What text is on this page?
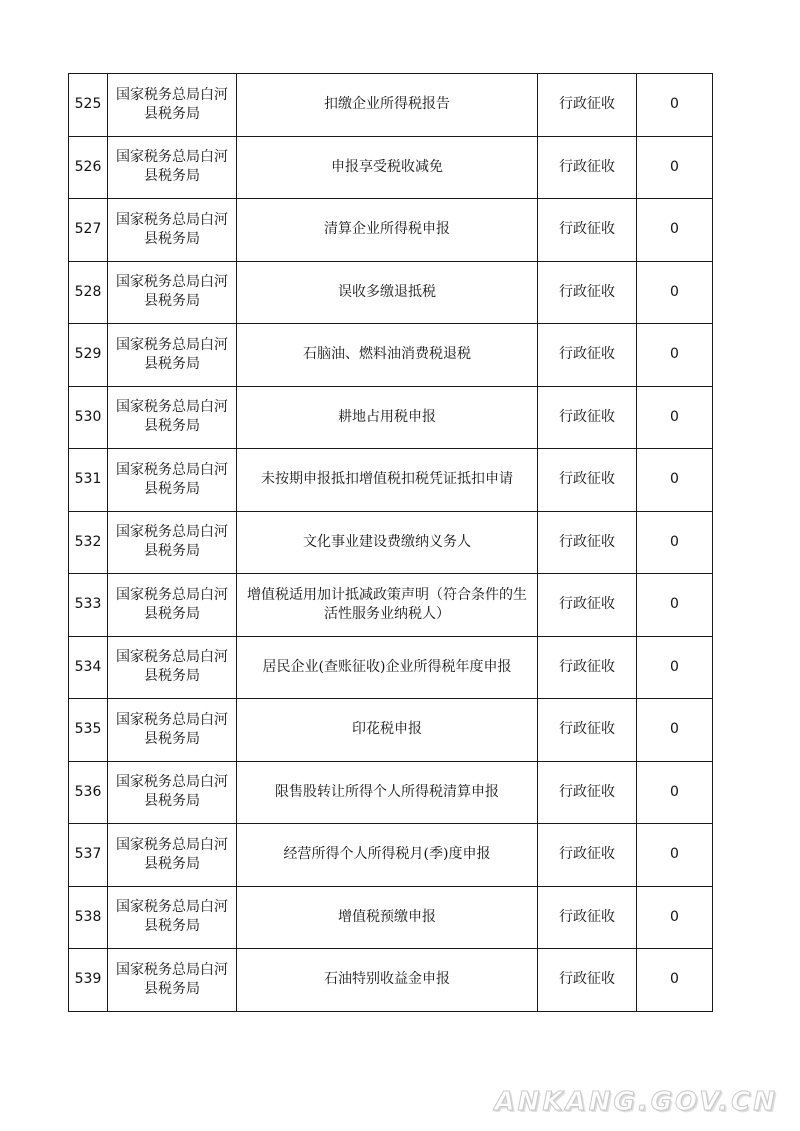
525	国家税务总局白河县税务局	扣缴企业所得税报告	行政征收	0
526	国家税务总局白河县税务局	申报享受税收减免	行政征收	0
527	国家税务总局白河县税务局	清算企业所得税申报	行政征收	0
528	国家税务总局白河县税务局	误收多缴退抵税	行政征收	0
529	国家税务总局白河县税务局	石脑油、燃料油消费税退税	行政征收	0
530	国家税务总局白河县税务局	耕地占用税申报	行政征收	0
531	国家税务总局白河县税务局	未按期申报抵扣增值税扣税凭证抵扣申请	行政征收	0
532	国家税务总局白河县税务局	文化事业建设费缴纳义务人	行政征收	0
533	国家税务总局白河县税务局	增值税适用加计抵减政策声明（符合条件的生活性服务业纳税人）	行政征收	0
534	国家税务总局白河县税务局	居民企业(查账征收)企业所得税年度申报	行政征收	0
535	国家税务总局白河县税务局	印花税申报	行政征收	0
536	国家税务总局白河县税务局	限售股转让所得个人所得税清算申报	行政征收	0
537	国家税务总局白河县税务局	经营所得个人所得税月(季)度申报	行政征收	0
538	国家税务总局白河县税务局	增值税预缴申报	行政征收	0
539	国家税务总局白河县税务局	石油特别收益金申报	行政征收	0
ANKANG.GOV.CN
